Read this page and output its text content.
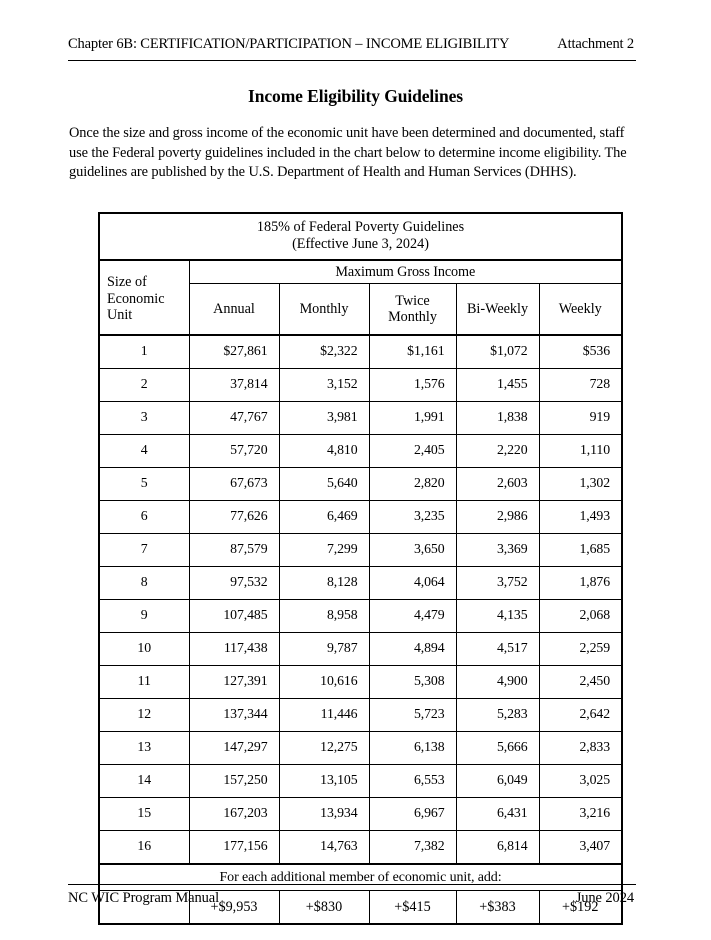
Chapter 6B: CERTIFICATION/PARTICIPATION – INCOME ELIGIBILITY	Attachment 2
Income Eligibility Guidelines
Once the size and gross income of the economic unit have been determined and documented, staff use the Federal poverty guidelines included in the chart below to determine income eligibility. The guidelines are published by the U.S. Department of Health and Human Services (DHHS).
185% of Federal Poverty Guidelines
(Effective June 3, 2024)					

Size of Economic Unit	Maximum Gross Income				
	Annual	Monthly	Twice Monthly	Bi-Weekly	Weekly
1	$27,861	$2,322	$1,161	$1,072	$536
2	37,814	3,152	1,576	1,455	728
3	47,767	3,981	1,991	1,838	919
4	57,720	4,810	2,405	2,220	1,110
5	67,673	5,640	2,820	2,603	1,302
6	77,626	6,469	3,235	2,986	1,493
7	87,579	7,299	3,650	3,369	1,685
8	97,532	8,128	4,064	3,752	1,876
9	107,485	8,958	4,479	4,135	2,068
10	117,438	9,787	4,894	4,517	2,259
11	127,391	10,616	5,308	4,900	2,450
12	137,344	11,446	5,723	5,283	2,642
13	147,297	12,275	6,138	5,666	2,833
14	157,250	13,105	6,553	6,049	3,025
15	167,203	13,934	6,967	6,431	3,216
16	177,156	14,763	7,382	6,814	3,407
For each additional member of economic unit, add:					
	+$9,953	+$830	+$415	+$383	+$192
NC WIC Program Manual	June 2024
